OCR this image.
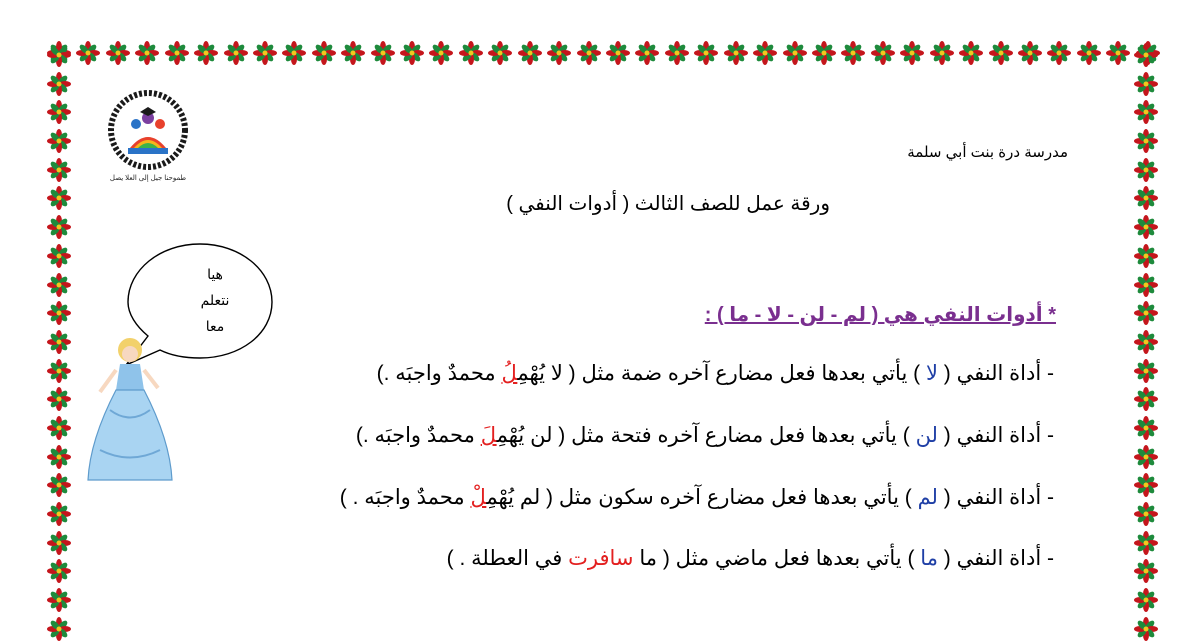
طموحنا جيل إلى العلا يصل
مدرسة درة بنت أبي سلمة
ورقة عمل للصف الثالث ( أدوات النفي )
هيا
نتعلم
معا	* أدوات النفي هي ( لم - لن - لا - ما ) :
- أداة النفي ( لا ) يأتي بعدها فعل مضارع آخره ضمة مثل ( لا يُهْمِلُ محمدٌ واجبَه .)
- أداة النفي ( لن ) يأتي بعدها فعل مضارع آخره فتحة مثل ( لن يُهْمِلَ محمدٌ واجبَه .)
- أداة النفي ( لم ) يأتي بعدها فعل مضارع آخره سكون مثل ( لم يُهْمِلْ محمدٌ واجبَه . )
- أداة النفي ( ما ) يأتي بعدها فعل ماضي مثل ( ما سافرت في العطلة . )
